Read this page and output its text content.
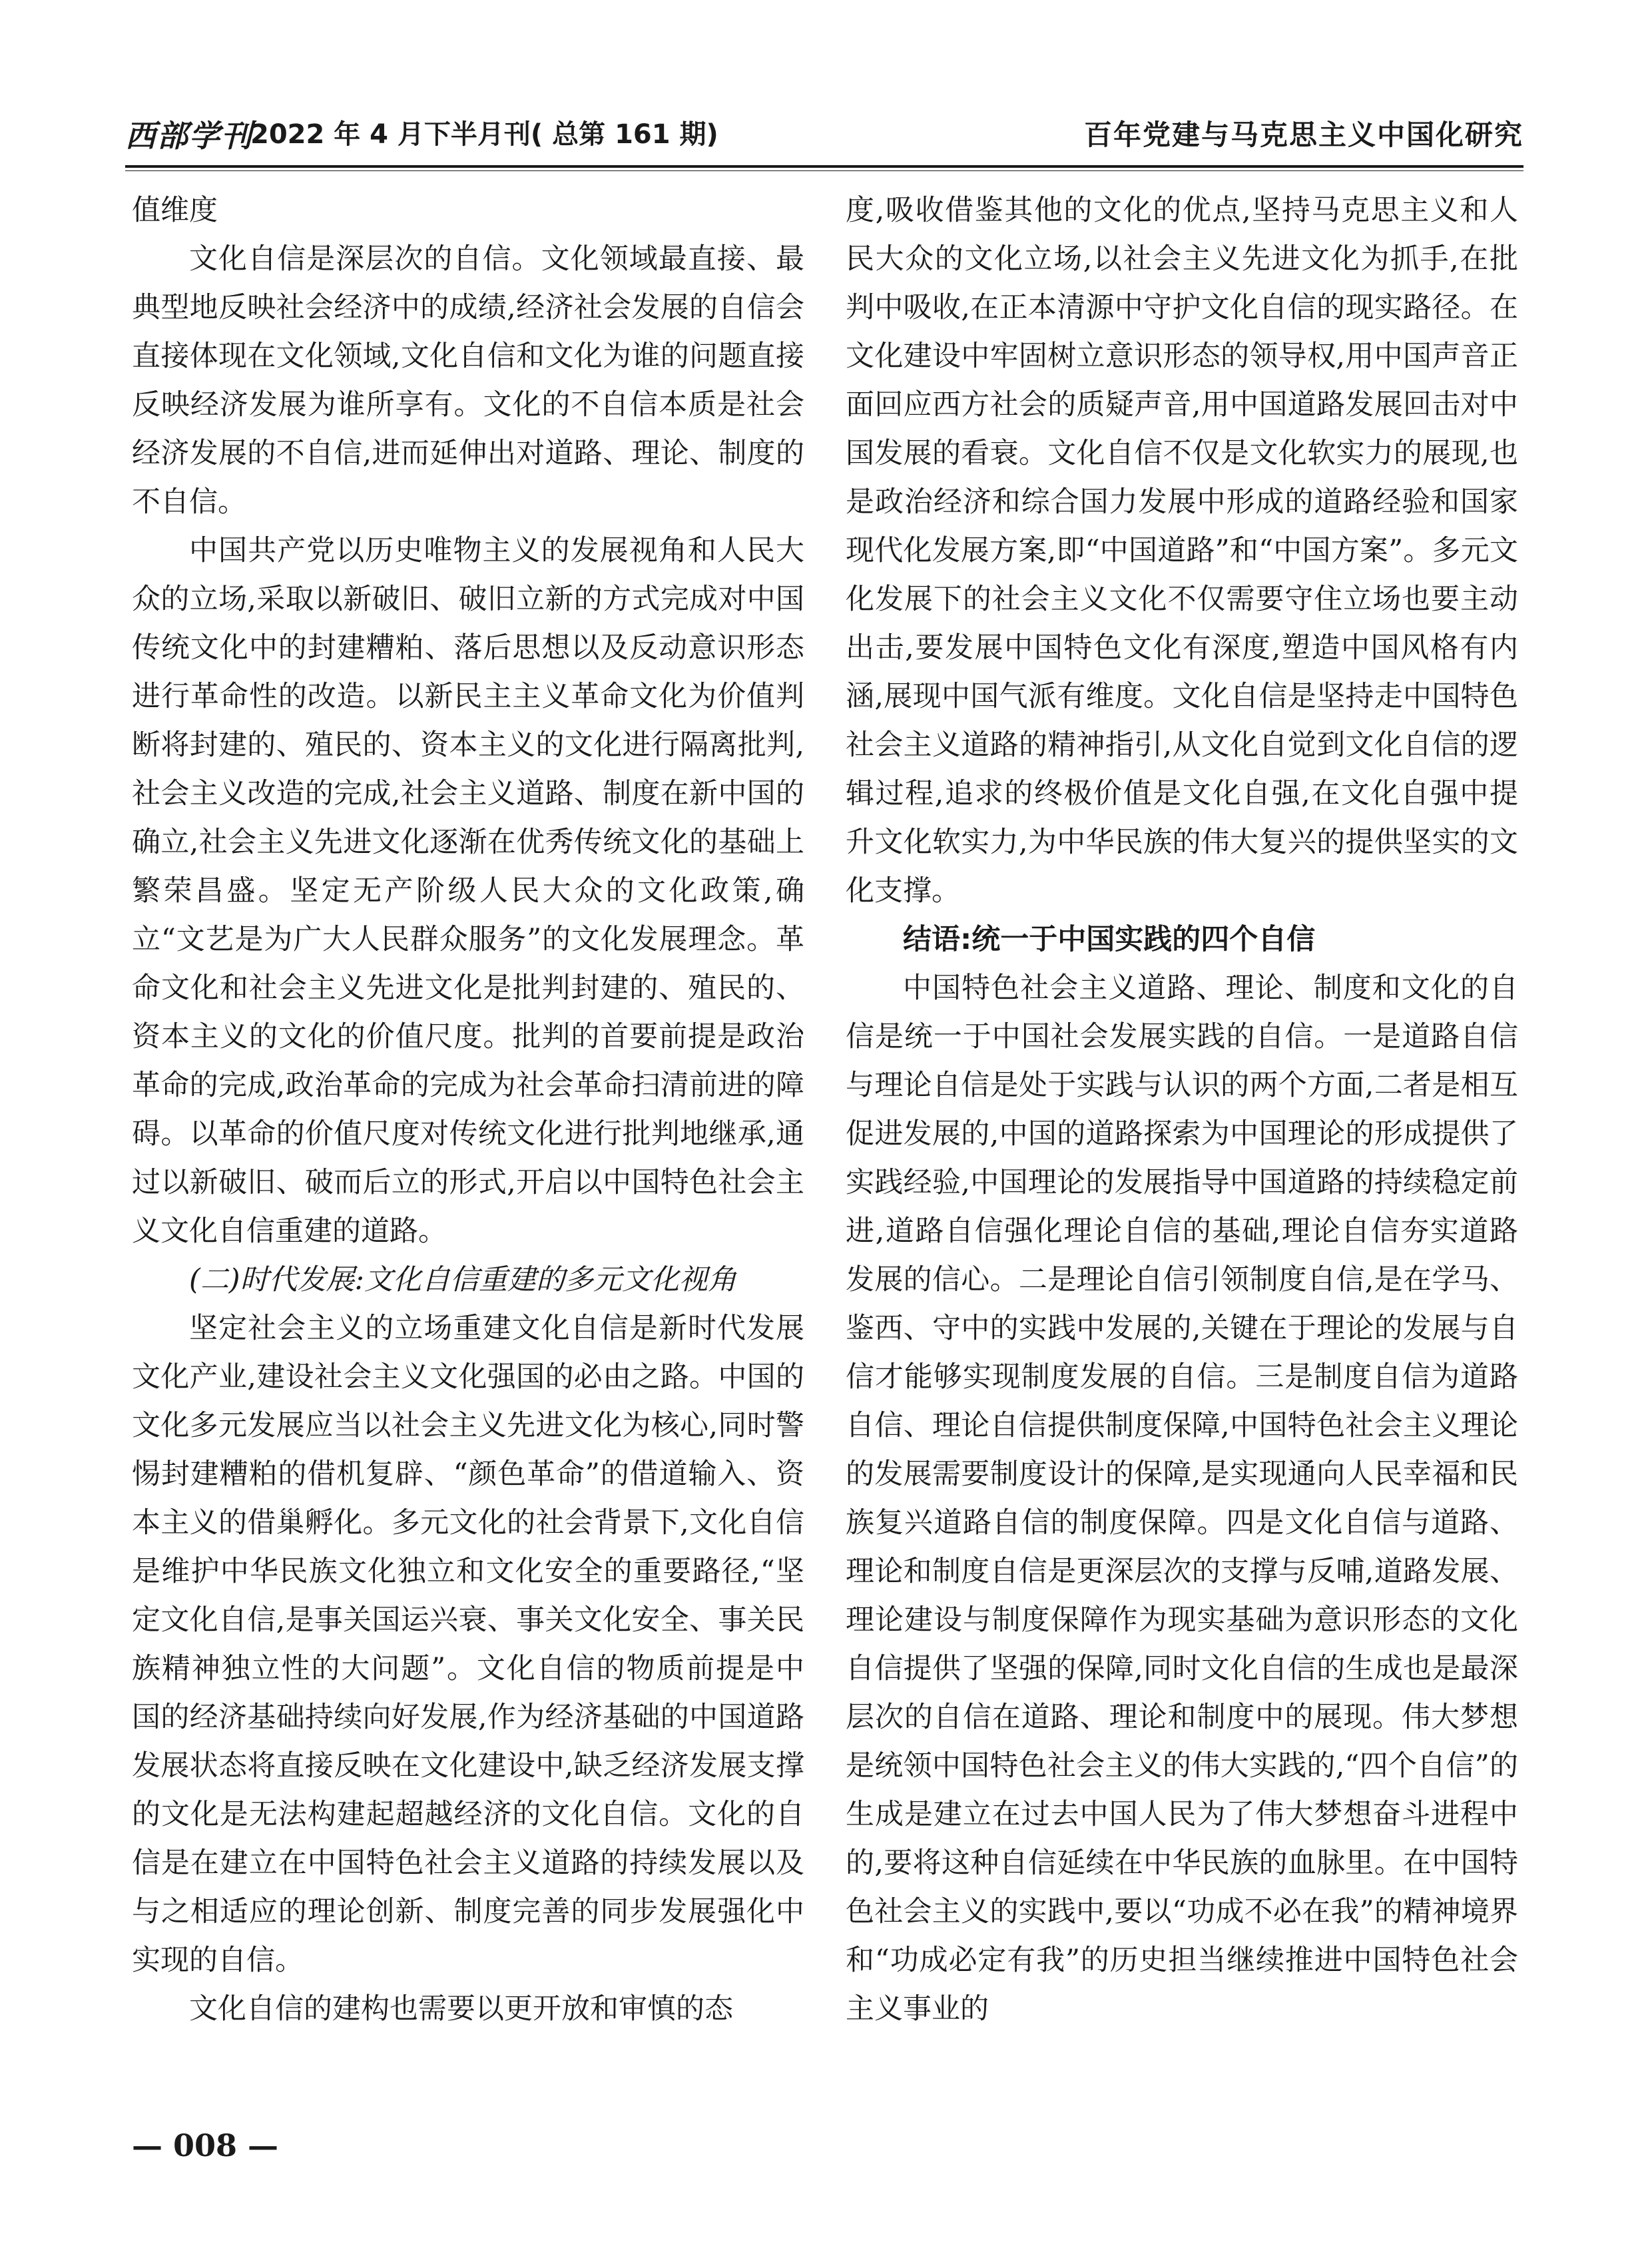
西部学刊
2022 年 4 月下半月刊( 总第 161 期)	百年党建与马克思主义中国化研究

值维度

文化自信是深层次的自信。文化领域最直接、最典型地反映社会经济中的成绩,经济社会发展的自信会直接体现在文化领域,文化自信和文化为谁的问题直接反映经济发展为谁所享有。文化的不自信本质是社会经济发展的不自信,进而延伸出对道路、理论、制度的不自信。

中国共产党以历史唯物主义的发展视角和人民大众的立场,采取以新破旧、破旧立新的方式完成对中国传统文化中的封建糟粕、落后思想以及反动意识形态进行革命性的改造。以新民主主义革命文化为价值判断将封建的、殖民的、资本主义的文化进行隔离批判,社会主义改造的完成,社会主义道路、制度在新中国的确立,社会主义先进文化逐渐在优秀传统文化的基础上繁荣昌盛。坚定无产阶级人民大众的文化政策,确立“文艺是为广大人民群众服务”的文化发展理念。革命文化和社会主义先进文化是批判封建的、殖民的、资本主义的文化的价值尺度。批判的首要前提是政治革命的完成,政治革命的完成为社会革命扫清前进的障碍。以革命的价值尺度对传统文化进行批判地继承,通过以新破旧、破而后立的形式,开启以中国特色社会主义文化自信重建的道路。

(二)时代发展:文化自信重建的多元文化视角

坚定社会主义的立场重建文化自信是新时代发展文化产业,建设社会主义文化强国的必由之路。中国的文化多元发展应当以社会主义先进文化为核心,同时警惕封建糟粕的借机复辟、“颜色革命”的借道输入、资本主义的借巢孵化。多元文化的社会背景下,文化自信是维护中华民族文化独立和文化安全的重要路径,“坚定文化自信,是事关国运兴衰、事关文化安全、事关民族精神独立性的大问题”。文化自信的物质前提是中国的经济基础持续向好发展,作为经济基础的中国道路发展状态将直接反映在文化建设中,缺乏经济发展支撑的文化是无法构建起超越经济的文化自信。文化的自信是在建立在中国特色社会主义道路的持续发展以及与之相适应的理论创新、制度完善的同步发展强化中实现的自信。

文化自信的建构也需要以更开放和审慎的态

度,吸收借鉴其他的文化的优点,坚持马克思主义和人民大众的文化立场,以社会主义先进文化为抓手,在批判中吸收,在正本清源中守护文化自信的现实路径。在文化建设中牢固树立意识形态的领导权,用中国声音正面回应西方社会的质疑声音,用中国道路发展回击对中国发展的看衰。文化自信不仅是文化软实力的展现,也是政治经济和综合国力发展中形成的道路经验和国家现代化发展方案,即“中国道路”和“中国方案”。多元文化发展下的社会主义文化不仅需要守住立场也要主动出击,要发展中国特色文化有深度,塑造中国风格有内涵,展现中国气派有维度。文化自信是坚持走中国特色社会主义道路的精神指引,从文化自觉到文化自信的逻辑过程,追求的终极价值是文化自强,在文化自强中提升文化软实力,为中华民族的伟大复兴的提供坚实的文化支撑。

结语:统一于中国实践的四个自信

中国特色社会主义道路、理论、制度和文化的自信是统一于中国社会发展实践的自信。一是道路自信与理论自信是处于实践与认识的两个方面,二者是相互促进发展的,中国的道路探索为中国理论的形成提供了实践经验,中国理论的发展指导中国道路的持续稳定前进,道路自信强化理论自信的基础,理论自信夯实道路发展的信心。二是理论自信引领制度自信,是在学马、鉴西、守中的实践中发展的,关键在于理论的发展与自信才能够实现制度发展的自信。三是制度自信为道路自信、理论自信提供制度保障,中国特色社会主义理论的发展需要制度设计的保障,是实现通向人民幸福和民族复兴道路自信的制度保障。四是文化自信与道路、理论和制度自信是更深层次的支撑与反哺,道路发展、理论建设与制度保障作为现实基础为意识形态的文化自信提供了坚强的保障,同时文化自信的生成也是最深层次的自信在道路、理论和制度中的展现。伟大梦想是统领中国特色社会主义的伟大实践的,“四个自信”的生成是建立在过去中国人民为了伟大梦想奋斗进程中的,要将这种自信延续在中华民族的血脉里。在中国特色社会主义的实践中,要以“功成不必在我”的精神境界和“功成必定有我”的历史担当继续推进中国特色社会主义事业的

— 008 —
